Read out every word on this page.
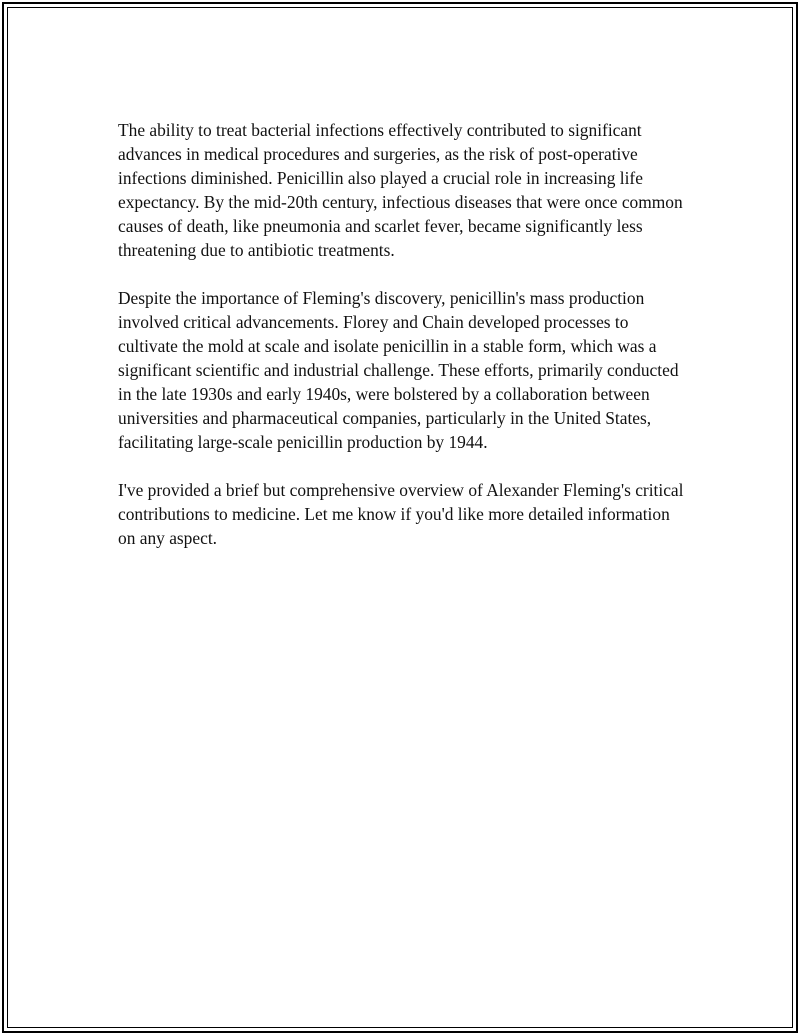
The ability to treat bacterial infections effectively contributed to significant advances in medical procedures and surgeries, as the risk of post-operative infections diminished. Penicillin also played a crucial role in increasing life expectancy. By the mid-20th century, infectious diseases that were once common causes of death, like pneumonia and scarlet fever, became significantly less threatening due to antibiotic treatments.

Despite the importance of Fleming's discovery, penicillin's mass production involved critical advancements. Florey and Chain developed processes to cultivate the mold at scale and isolate penicillin in a stable form, which was a significant scientific and industrial challenge. These efforts, primarily conducted in the late 1930s and early 1940s, were bolstered by a collaboration between universities and pharmaceutical companies, particularly in the United States, facilitating large-scale penicillin production by 1944.

I've provided a brief but comprehensive overview of Alexander Fleming's critical contributions to medicine. Let me know if you'd like more detailed information on any aspect.
